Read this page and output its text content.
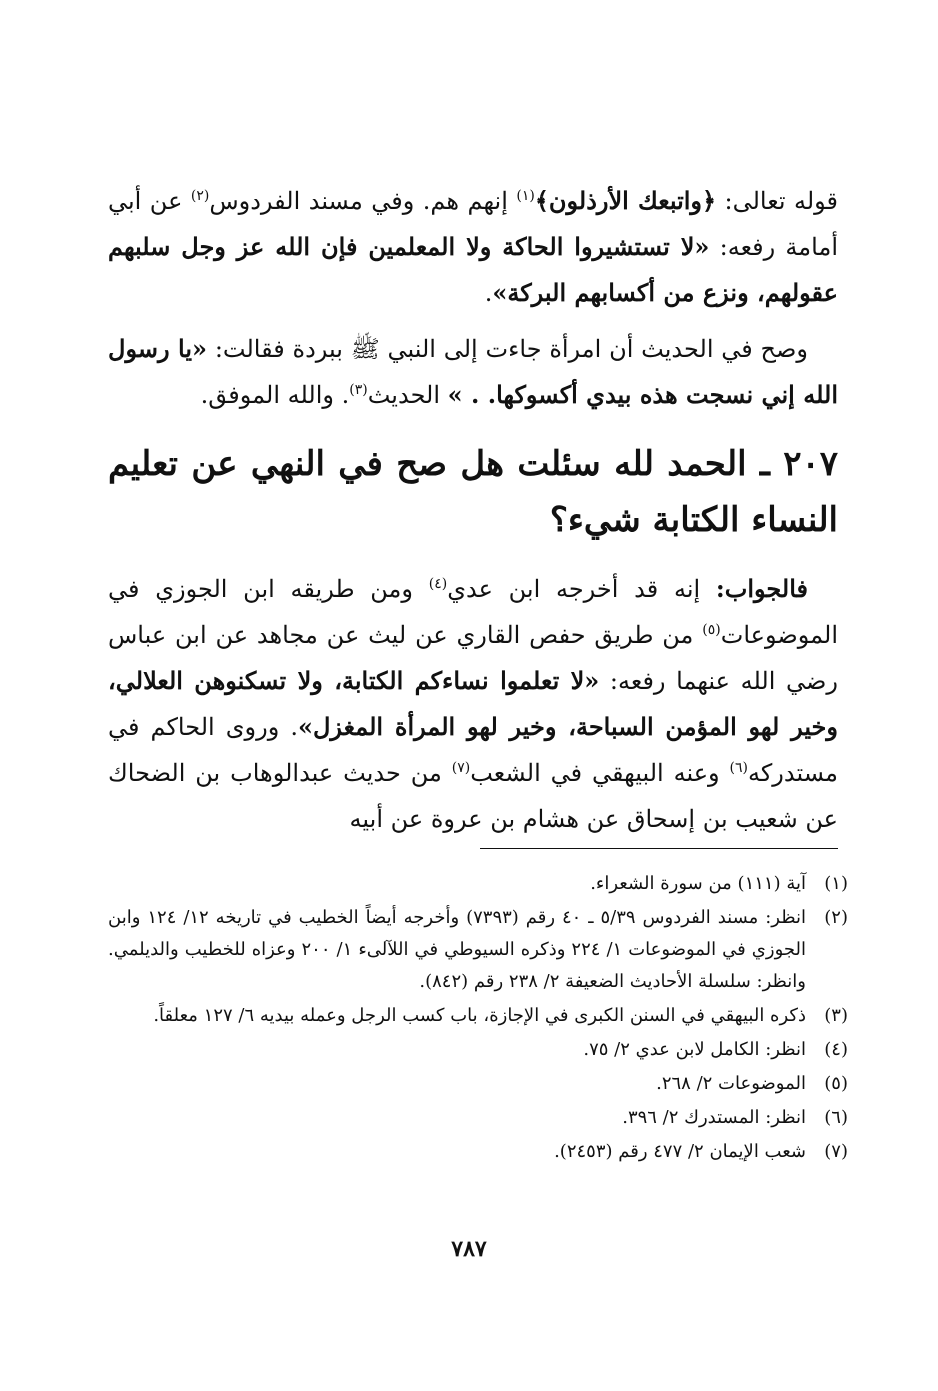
قوله تعالى: ﴿واتبعك الأرذلون﴾$^{(١)}$ إنهم هم. وفي مسند الفردوس$^{(٢)}$ عن أبي أمامة رفعه: «لا تستشيروا الحاكة ولا المعلمين فإن الله عز وجل سلبهم عقولهم، ونزع من أكسابهم البركة».

وصح في الحديث أن امرأة جاءت إلى النبي ﷺ ببردة فقالت: «يا رسول الله إني نسجت هذه بيدي أكسوكها. . » الحديث$^{(٣)}$. والله الموفق.

٢٠٧ ـ الحمد لله سئلت هل صح في النهي عن تعليم النساء الكتابة شيء؟

فالجواب: إنه قد أخرجه ابن عدي$^{(٤)}$ ومن طريقه ابن الجوزي في الموضوعات$^{(٥)}$ من طريق حفص القاري عن ليث عن مجاهد عن ابن عباس رضي الله عنهما رفعه: «لا تعلموا نساءكم الكتابة، ولا تسكنوهن العلالي، وخير لهو المؤمن السباحة، وخير لهو المرأة المغزل». وروى الحاكم في مستدركه$^{(٦)}$ وعنه البيهقي في الشعب$^{(٧)}$ من حديث عبدالوهاب بن الضحاك عن شعيب بن إسحاق عن هشام بن عروة عن أبيه

(١)
آية (١١١) من سورة الشعراء.
(٢)
انظر: مسند الفردوس ٥/٣٩ ـ ٤٠ رقم (٧٣٩٣) وأخرجه أيضاً الخطيب في تاريخه ١٢/ ١٢٤ وابن الجوزي في الموضوعات ١/ ٢٢٤ وذكره السيوطي في اللآلىء ١/ ٢٠٠ وعزاه للخطيب والديلمي. وانظر: سلسلة الأحاديث الضعيفة ٢/ ٢٣٨ رقم (٨٤٢).
(٣)
ذكره البيهقي في السنن الكبرى في الإجازة، باب كسب الرجل وعمله بيديه ٦/ ١٢٧ معلقاً.
(٤)
انظر: الكامل لابن عدي ٢/ ٧٥.
(٥)
الموضوعات ٢/ ٢٦٨.
(٦)
انظر: المستدرك ٢/ ٣٩٦.
(٧)
شعب الإيمان ٢/ ٤٧٧ رقم (٢٤٥٣).
٧٨٧
